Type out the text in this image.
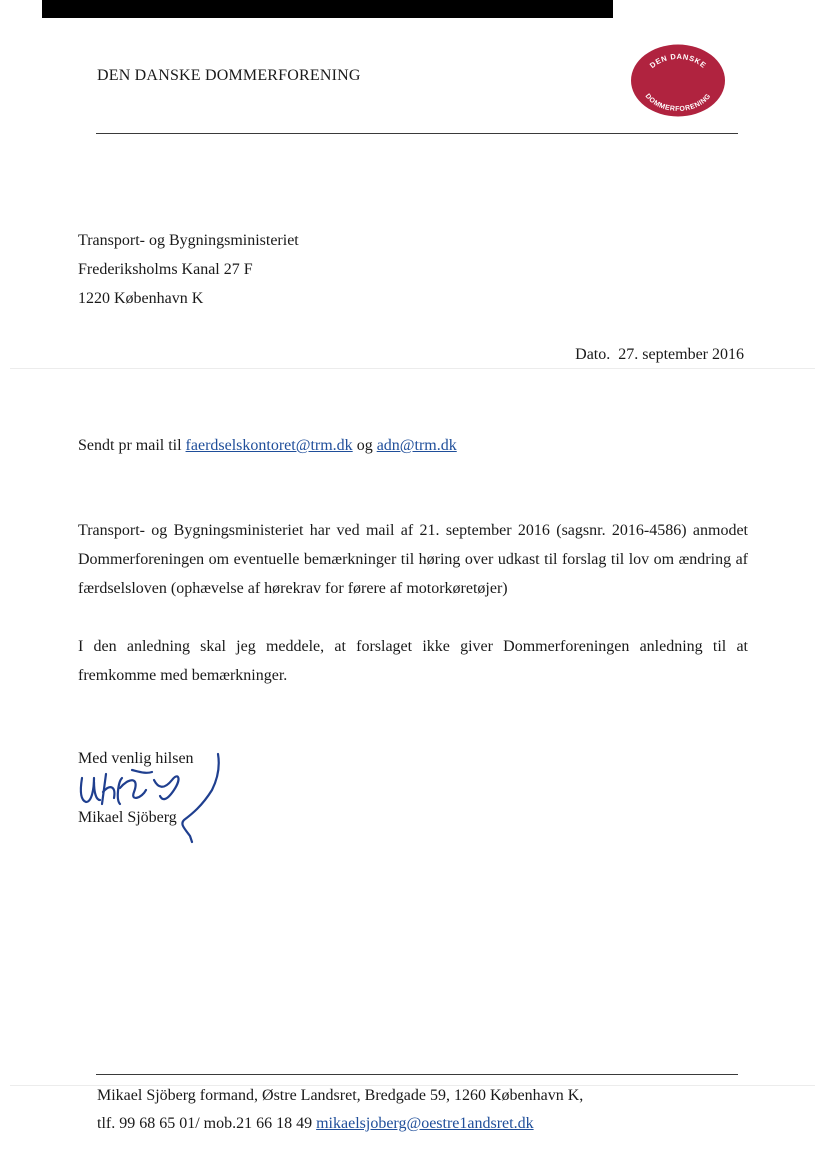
DEN DANSKE DOMMERFORENING
DEN DANSKE
DOMMERFORENING
Transport- og Bygningsministeriet
Frederiksholms Kanal 27 F
1220 København K
Dato. 27. september 2016
Sendt pr mail til faerdselskontoret@trm.dk og adn@trm.dk
Transport- og Bygningsministeriet har ved mail af 21. september 2016 (sagsnr. 2016-4586) anmodet Dommerforeningen om eventuelle bemærkninger til høring over udkast til forslag til lov om ændring af færdselsloven (ophævelse af hørekrav for førere af motorkøretøjer)
I den anledning skal jeg meddele, at forslaget ikke giver Dommerforeningen anledning til at fremkomme med bemærkninger.
Med venlig hilsen
Mikael Sjöberg
Mikael Sjöberg formand, Østre Landsret, Bredgade 59, 1260 København K,
tlf. 99 68 65 01/ mob.21 66 18 49 mikaelsjoberg@oestre1andsret.dk
